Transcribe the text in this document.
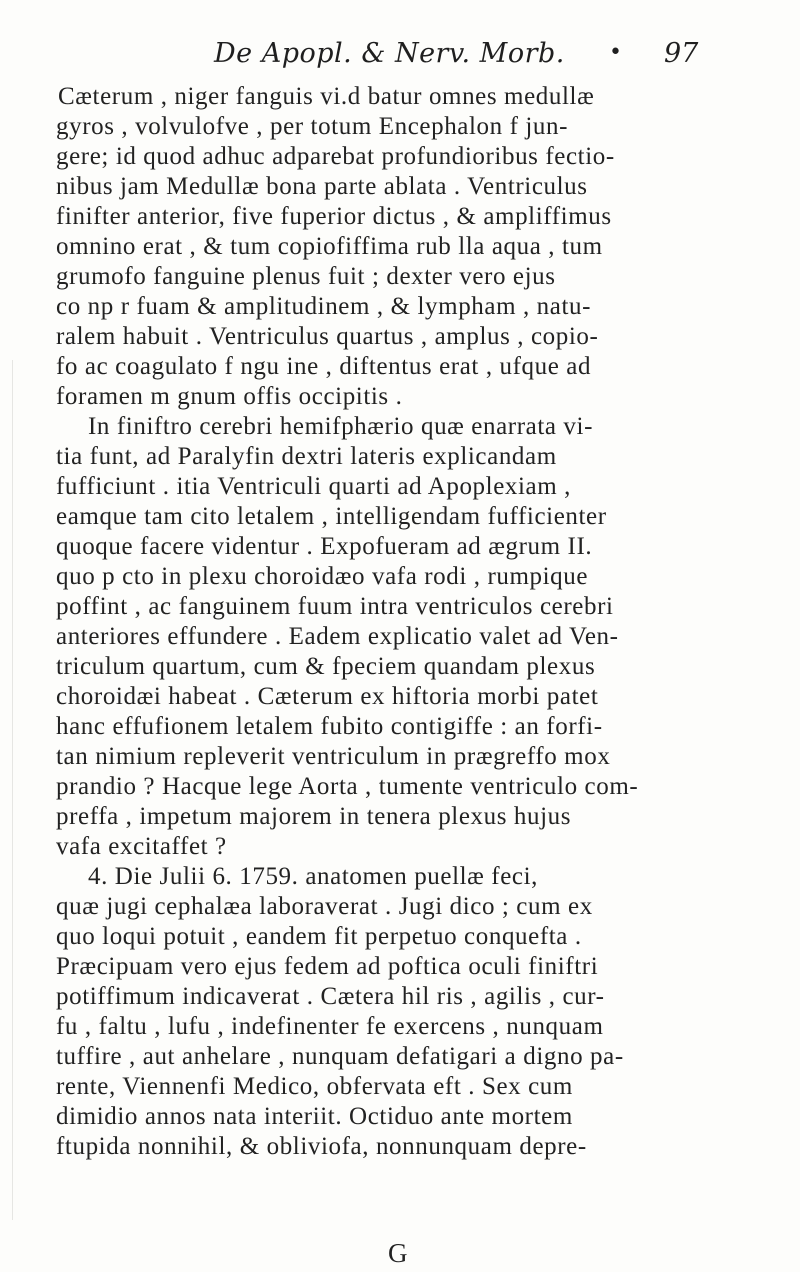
De Apopl. & Nerv. Morb. • 97
Cæterum , niger fanguis vi.d batur omnes medullæ
gyros , volvulofve , per totum Encephalon f jun-
gere; id quod adhuc adparebat profundioribus fectio-
nibus jam Medullæ bona parte ablata . Ventriculus
finifter anterior, five fuperior dictus , & ampliffimus
omnino erat , & tum copiofiffima rub lla aqua , tum
grumofo fanguine plenus fuit ; dexter vero ejus
co np r fuam & amplitudinem , & lympham , natu-
ralem habuit . Ventriculus quartus , amplus , copio-
fo ac coagulato f ngu ine , diftentus erat , ufque ad
foramen m gnum offis occipitis .
In finiftro cerebri hemifphærio quæ enarrata vi-
tia funt, ad Paralyfin dextri lateris explicandam
fufficiunt . itia Ventriculi quarti ad Apoplexiam ,
eamque tam cito letalem , intelligendam fufficienter
quoque facere videntur . Expofueram ad ægrum II.
quo p cto in plexu choroidæo vafa rodi , rumpique
poffint , ac fanguinem fuum intra ventriculos cerebri
anteriores effundere . Eadem explicatio valet ad Ven-
triculum quartum, cum & fpeciem quandam plexus
choroidæi habeat . Cæterum ex hiftoria morbi patet
hanc effufionem letalem fubito contigiffe : an forfi-
tan nimium repleverit ventriculum in prægreffo mox
prandio ? Hacque lege Aorta , tumente ventriculo com-
preffa , impetum majorem in tenera plexus hujus
vafa excitaffet ?
4. Die Julii 6. 1759. anatomen puellæ feci,
quæ jugi cephalæa laboraverat . Jugi dico ; cum ex
quo loqui potuit , eandem fit perpetuo conquefta .
Præcipuam vero ejus fedem ad poftica oculi finiftri
potiffimum indicaverat . Cætera hil ris , agilis , cur-
fu , faltu , lufu , indefinenter fe exercens , nunquam
tuffire , aut anhelare , nunquam defatigari a digno pa-
rente, Viennenfi Medico, obfervata eft . Sex cum
dimidio annos nata interiit. Octiduo ante mortem
ftupida nonnihil, & obliviofa, nonnunquam depre-
G
